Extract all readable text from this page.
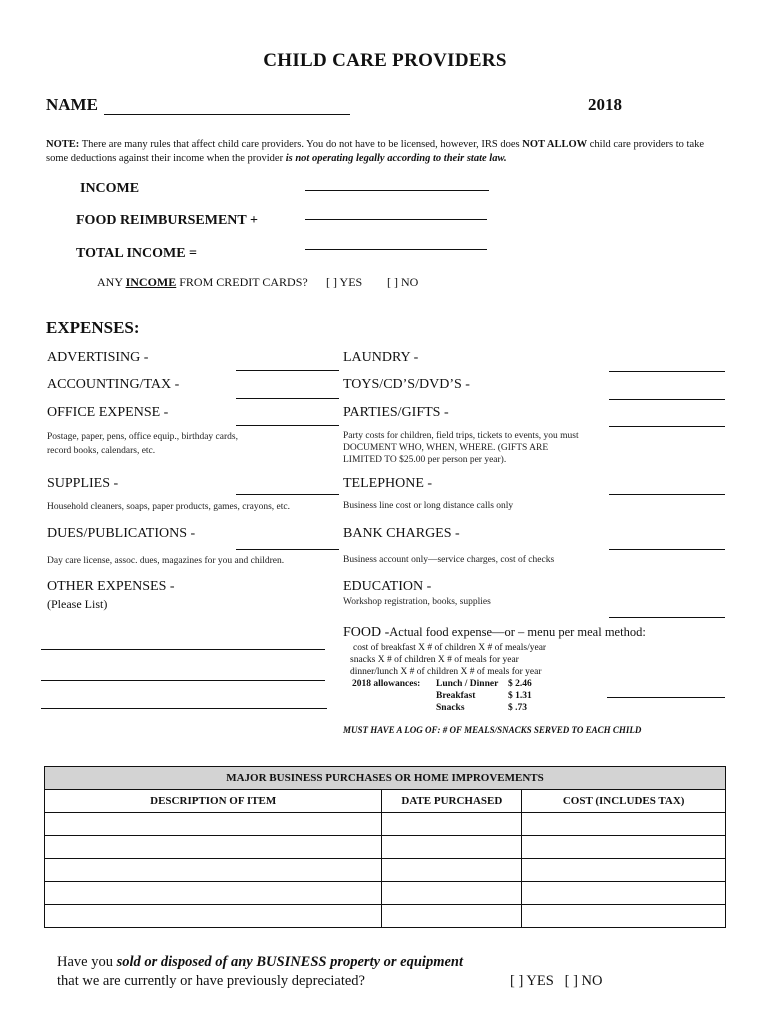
CHILD CARE PROVIDERS
NAME	2018
NOTE: There are many rules that affect child care providers. You do not have to be licensed, however, IRS does NOT ALLOW child care providers to take some deductions against their income when the provider is not operating legally according to their state law.
INCOME
FOOD REIMBURSEMENT +
TOTAL INCOME =
ANY INCOME FROM CREDIT CARDS? [ ] YES [ ] NO
EXPENSES:
ADVERTISING -
ACCOUNTING/TAX -
OFFICE EXPENSE -
Postage, paper, pens, office equip., birthday cards,
record books, calendars, etc.
SUPPLIES -
Household cleaners, soaps, paper products, games, crayons, etc.
DUES/PUBLICATIONS -
Day care license, assoc. dues, magazines for you and children.
OTHER EXPENSES -
(Please List)
LAUNDRY -
TOYS/CD’S/DVD’S -
PARTIES/GIFTS -
Party costs for children, field trips, tickets to events, you must
DOCUMENT WHO, WHEN, WHERE. (GIFTS ARE
LIMITED TO $25.00 per person per year).
TELEPHONE -
Business line cost or long distance calls only
BANK CHARGES -
Business account only—service charges, cost of checks
EDUCATION -
Workshop registration, books, supplies
FOOD -Actual food expense—or – menu per meal method:
cost of breakfast X # of children X # of meals/year
snacks X # of children X # of meals for year
dinner/lunch X # of children X # of meals for year
2018 allowances: Lunch / Dinner $ 2.46
Breakfast	$ 1.31
Snacks	$ .73
MUST HAVE A LOG OF: # OF MEALS/SNACKS SERVED TO EACH CHILD
MAJOR BUSINESS PURCHASES OR HOME IMPROVEMENTS		
DESCRIPTION OF ITEM	DATE PURCHASED	COST (INCLUDES TAX)

Have you sold or disposed of any BUSINESS property or equipment
that we are currently or have previously depreciated?	[ ] YES [ ] NO
